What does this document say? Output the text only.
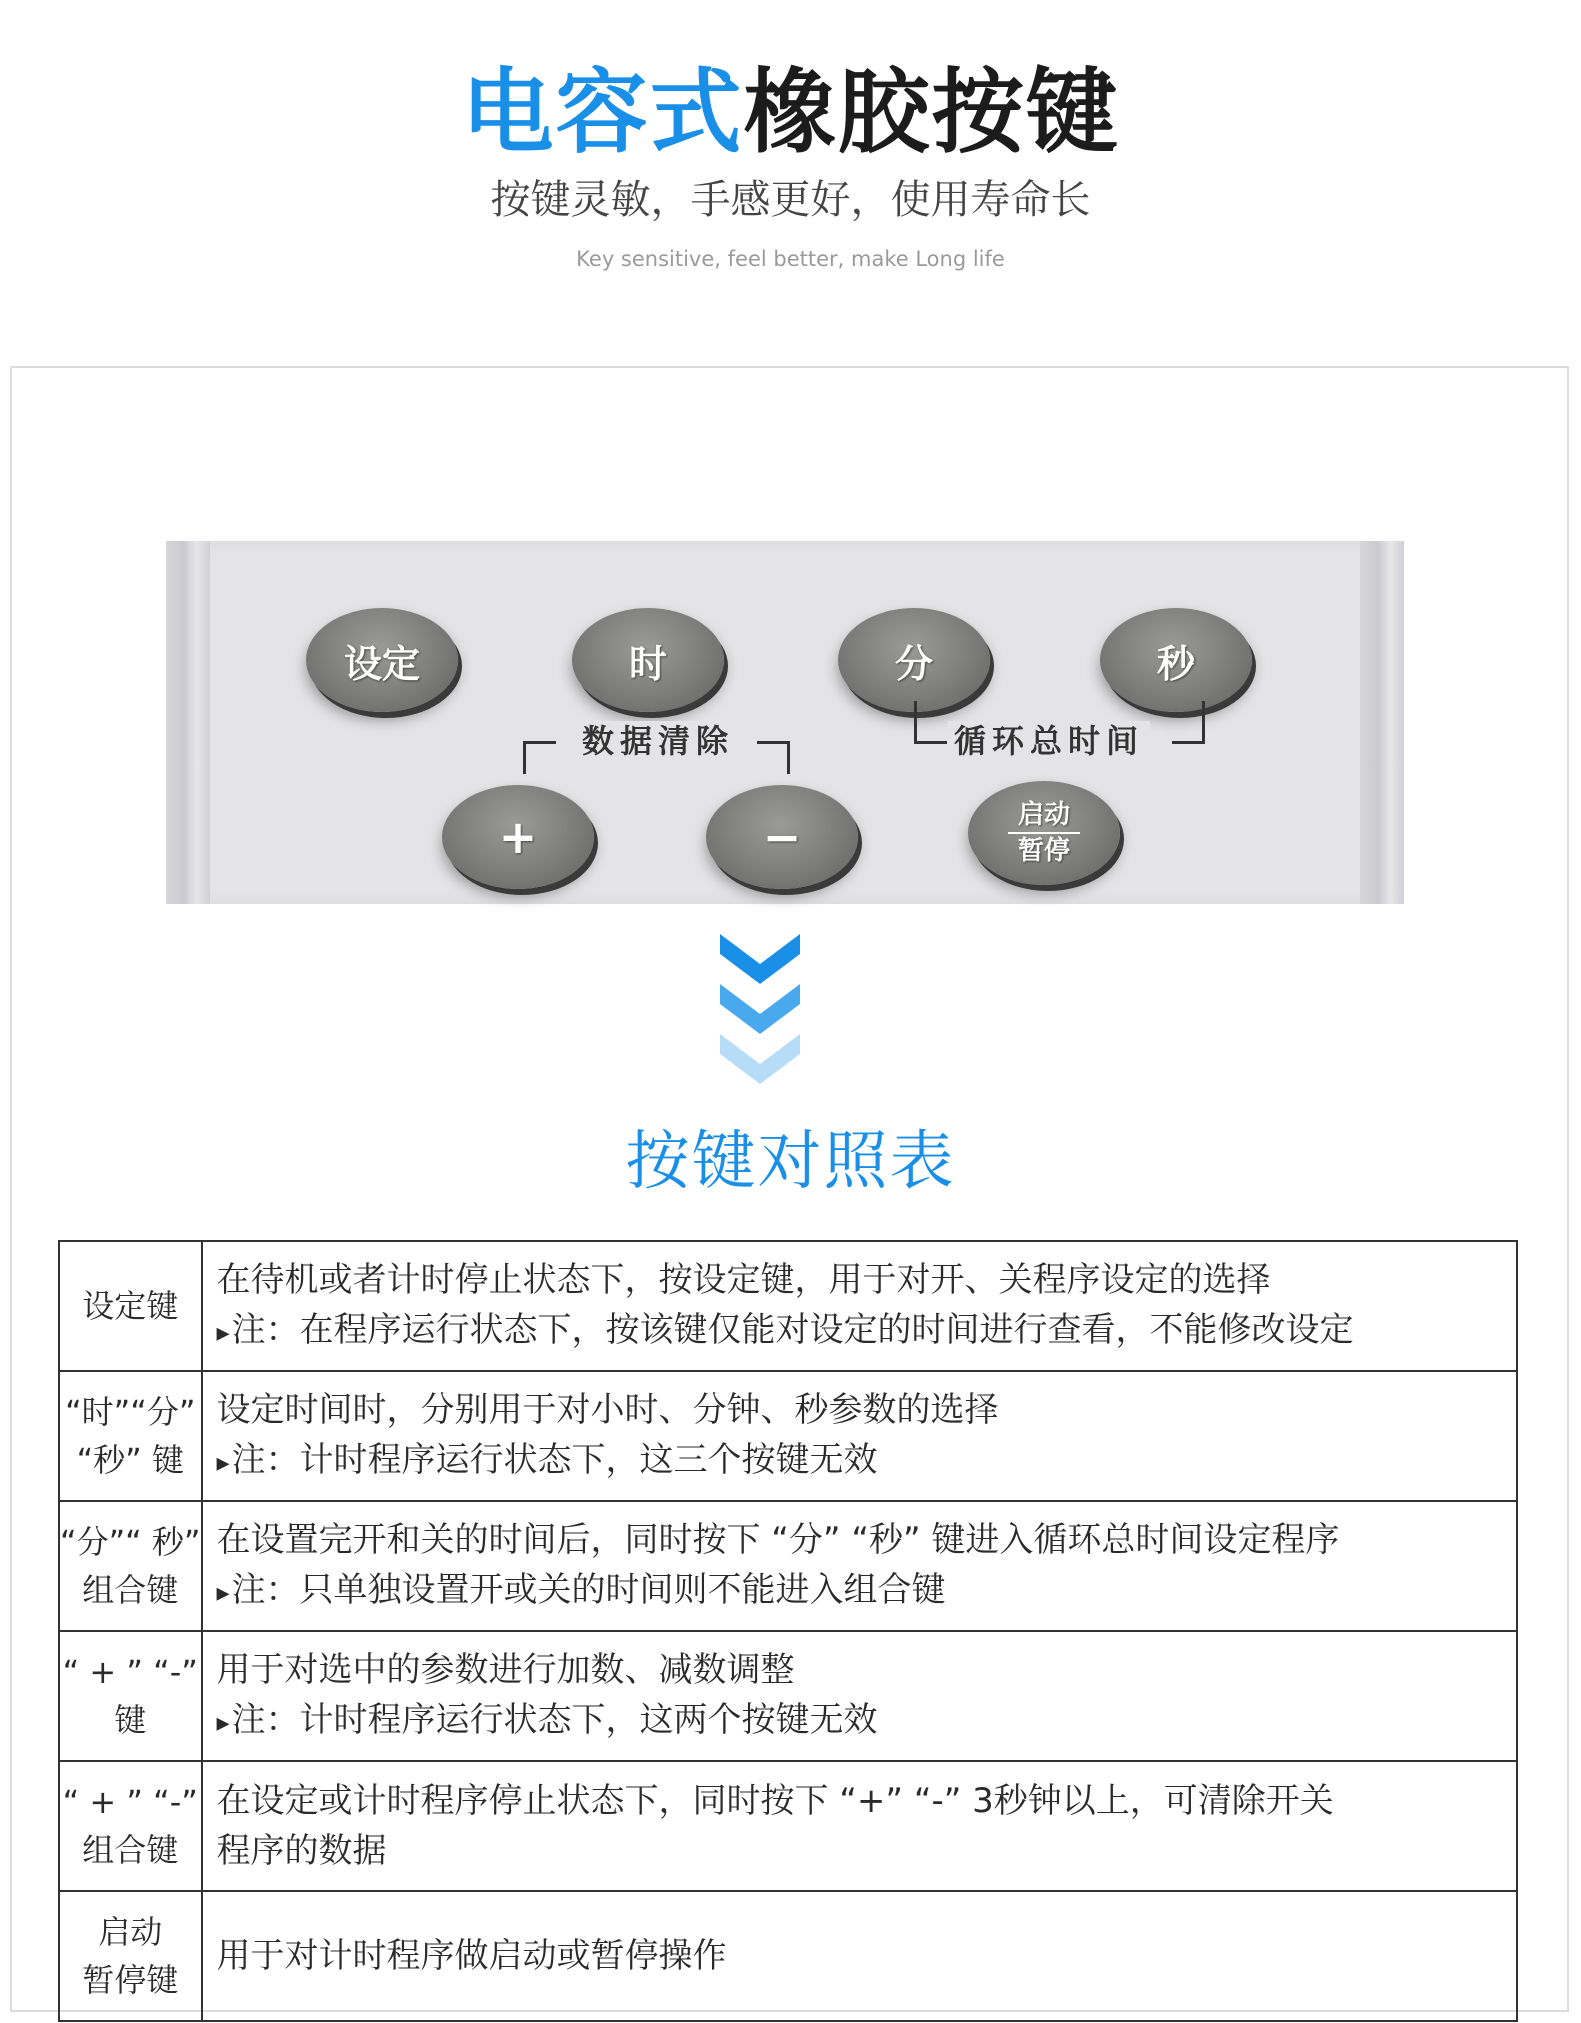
电容式橡胶按键
按键灵敏，手感更好，使用寿命长
Key sensitive, feel better, make Long life
设定	时	分	秒
数据清除	循环总时间
+	−	启动
暂停
按键对照表
设定键	在待机或者计时停止状态下，按设定键，用于对开、关程序设定的选择
▸ 注：在程序运行状态下，按该键仅能对设定的时间进行查看，不能修改设定

“时”“分”
“秒” 键	设定时间时，分别用于对小时、分钟、秒参数的选择
▸ 注：计时程序运行状态下，这三个按键无效

“分”“ 秒”
组合键	在设置完开和关的时间后，同时按下 “分” “秒” 键进入循环总时间设定程序
▸ 注：只单独设置开或关的时间则不能进入组合键

“ + ” “-”
键	用于对选中的参数进行加数、减数调整
▸ 注：计时程序运行状态下，这两个按键无效

“ + ” “-”
组合键	在设定或计时程序停止状态下，同时按下 “+” “-” 3秒钟以上，可清除开关
程序的数据

启动
暂停键	用于对计时程序做启动或暂停操作
